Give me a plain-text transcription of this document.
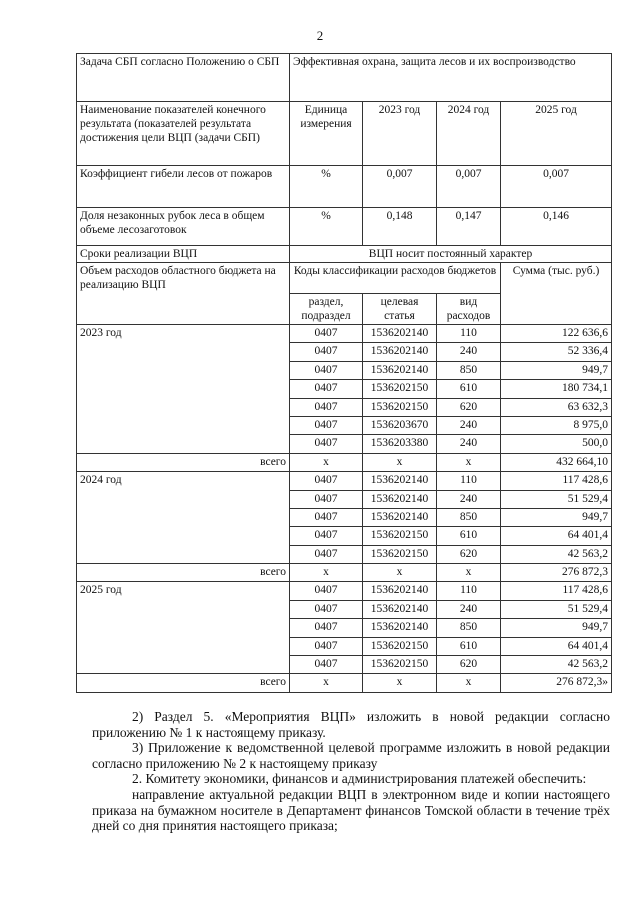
2
Задача СБП согласно Положению о СБП	Эффективная охрана, защита лесов и их воспроизводство			
Наименование показателей конечного результата (показателей результата достижения цели ВЦП (задачи СБП)	Единица измерения	2023 год	2024 год	2025 год
Коэффициент гибели лесов от пожаров	%	0,007	0,007	0,007
Доля незаконных рубок леса в общем объеме лесозаготовок	%	0,148	0,147	0,146
Сроки реализации ВЦП	ВЦП носит постоянный характер			
Объем расходов областного бюджета на реализацию ВЦП	Коды классификации расходов бюджетов			Сумма (тыс. руб.)
	раздел, подраздел	целевая статья	вид расходов	
2023 год	0407	1536202140	110	122 636,6
	0407	1536202140	240	52 336,4
	0407	1536202140	850	949,7
	0407	1536202150	610	180 734,1
	0407	1536202150	620	63 632,3
	0407	1536203670	240	8 975,0
	0407	1536203380	240	500,0
всего	х	х	х	432 664,10
2024 год	0407	1536202140	110	117 428,6
	0407	1536202140	240	51 529,4
	0407	1536202140	850	949,7
	0407	1536202150	610	64 401,4
	0407	1536202150	620	42 563,2
всего	х	х	х	276 872,3
2025 год	0407	1536202140	110	117 428,6
	0407	1536202140	240	51 529,4
	0407	1536202140	850	949,7
	0407	1536202150	610	64 401,4
	0407	1536202150	620	42 563,2
всего	х	х	х	276 872,3»

2) Раздел 5. «Мероприятия ВЦП» изложить в новой редакции согласно приложению № 1 к настоящему приказу.

3) Приложение к ведомственной целевой программе изложить в новой редакции согласно приложению № 2 к настоящему приказу

2. Комитету экономики, финансов и администрирования платежей обеспечить:

направление актуальной редакции ВЦП в электронном виде и копии настоящего приказа на бумажном носителе в Департамент финансов Томской области в течение трёх дней со дня принятия настоящего приказа;
